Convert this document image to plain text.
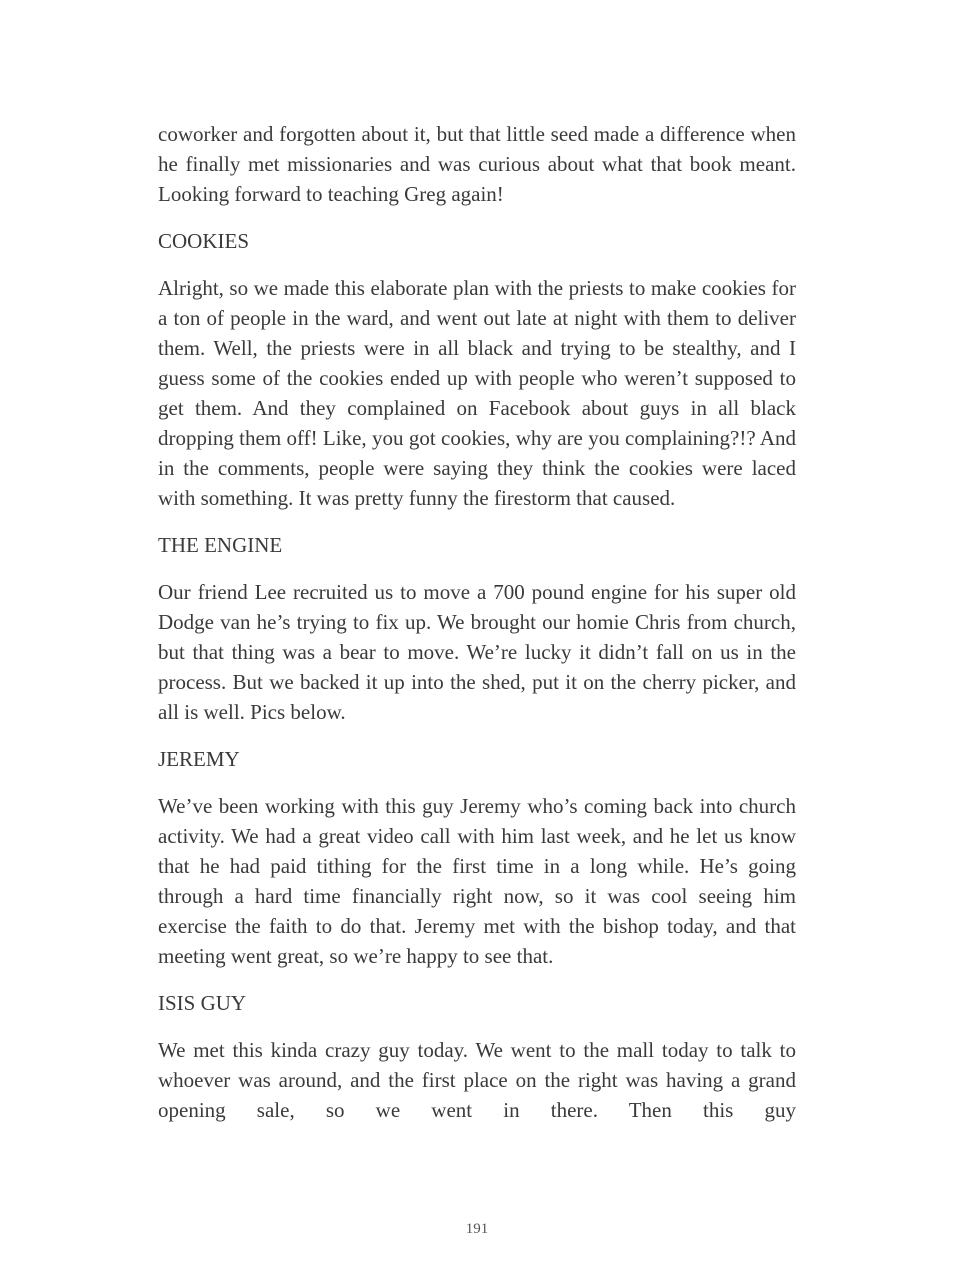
coworker and forgotten about it, but that little seed made a difference when he finally met missionaries and was curious about what that book meant. Looking forward to teaching Greg again!

COOKIES

Alright, so we made this elaborate plan with the priests to make cookies for a ton of people in the ward, and went out late at night with them to deliver them. Well, the priests were in all black and trying to be stealthy, and I guess some of the cookies ended up with people who weren’t supposed to get them. And they complained on Facebook about guys in all black dropping them off! Like, you got cookies, why are you complaining?!? And in the comments, people were saying they think the cookies were laced with something. It was pretty funny the firestorm that caused.

THE ENGINE

Our friend Lee recruited us to move a 700 pound engine for his super old Dodge van he’s trying to fix up. We brought our homie Chris from church, but that thing was a bear to move. We’re lucky it didn’t fall on us in the process. But we backed it up into the shed, put it on the cherry picker, and all is well. Pics below.

JEREMY

We’ve been working with this guy Jeremy who’s coming back into church activity. We had a great video call with him last week, and he let us know that he had paid tithing for the first time in a long while. He’s going through a hard time financially right now, so it was cool seeing him exercise the faith to do that. Jeremy met with the bishop today, and that meeting went great, so we’re happy to see that.

ISIS GUY

We met this kinda crazy guy today. We went to the mall today to talk to whoever was around, and the first place on the right was having a grand opening sale, so we went in there. Then this guy

191
